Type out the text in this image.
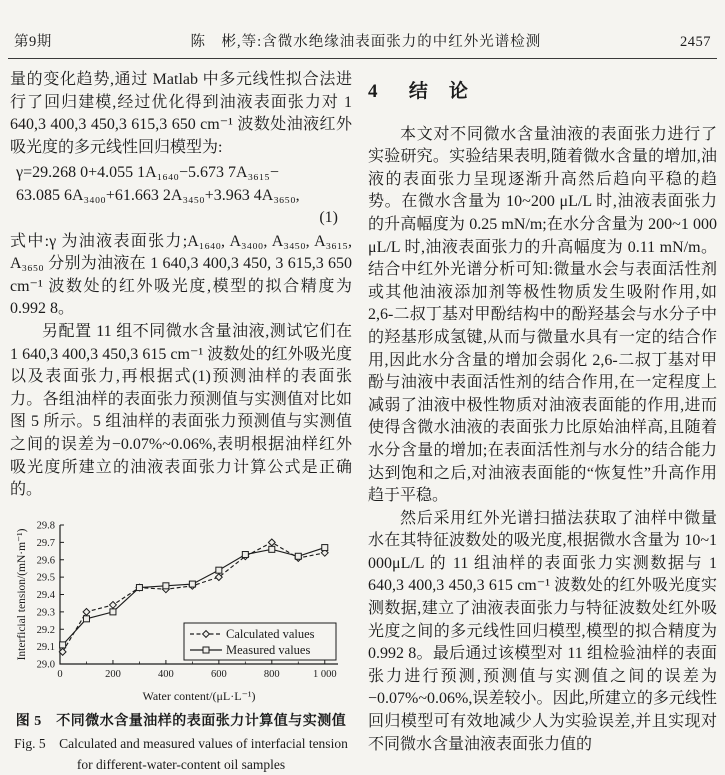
第9期	陈　彬,等:含微水绝缘油表面张力的中红外光谱检测	2457

量的变化趋势,通过 Matlab 中多元线性拟合法进行了回归建模,经过优化得到油液表面张力对 1 640,3 400,3 450,3 615,3 650 cm⁻¹ 波数处油液红外吸光度的多元线性回归模型为:

γ=29.268 0+4.055 1A₁₆₄₀−5.673 7A₃₆₁₅−
63.085 6A₃₄₀₀+61.663 2A₃₄₅₀+3.963 4A₃₆₅₀,
(1)

式中:γ 为油液表面张力;A₁₆₄₀, A₃₄₀₀, A₃₄₅₀, A₃₆₁₅, A₃₆₅₀ 分别为油液在 1 640,3 400,3 450, 3 615,3 650 cm⁻¹ 波数处的红外吸光度,模型的拟合精度为 0.992 8。

另配置 11 组不同微水含量油液,测试它们在 1 640,3 400,3 450,3 615 cm⁻¹ 波数处的红外吸光度以及表面张力,再根据式(1)预测油样的表面张力。各组油样的表面张力预测值与实测值对比如图 5 所示。5 组油样的表面张力预测值与实测值之间的误差为−0.07%~0.06%,表明根据油样红外吸光度所建立的油液表面张力计算公式是正确的。

29.0
29.1
29.2
29.3
29.4
29.5
29.6
29.7
29.8
0	200	400	600	800	1 000
Water content/(μL·L⁻¹)
Interficial tension/(mN·m⁻¹)	Calculated values
Measured values
图 5　不同微水含量油样的表面张力计算值与实测值
Fig. 5　Calculated and measured values of interfacial tension
for different-water-content oil samples
4 结　论

本文对不同微水含量油液的表面张力进行了实验研究。实验结果表明,随着微水含量的增加,油液的表面张力呈现逐渐升高然后趋向平稳的趋势。在微水含量为 10~200 μL/L 时,油液表面张力的升高幅度为 0.25 mN/m;在水分含量为 200~1 000 μL/L 时,油液表面张力的升高幅度为 0.11 mN/m。结合中红外光谱分析可知:微量水会与表面活性剂或其他油液添加剂等极性物质发生吸附作用,如 2,6-二叔丁基对甲酚结构中的酚羟基会与水分子中的羟基形成氢键,从而与微量水具有一定的结合作用,因此水分含量的增加会弱化 2,6-二叔丁基对甲酚与油液中表面活性剂的结合作用,在一定程度上减弱了油液中极性物质对油液表面能的作用,进而使得含微水油液的表面张力比原始油样高,且随着水分含量的增加;在表面活性剂与水分的结合能力达到饱和之后,对油液表面能的“恢复性”升高作用趋于平稳。

然后采用红外光谱扫描法获取了油样中微量水在其特征波数处的吸光度,根据微水含量为 10~1 000μL/L 的 11 组油样的表面张力实测数据与 1 640,3 400,3 450,3 615 cm⁻¹ 波数处的红外吸光度实测数据,建立了油液表面张力与特征波数处红外吸光度之间的多元线性回归模型,模型的拟合精度为 0.992 8。最后通过该模型对 11 组检验油样的表面张力进行预测,预测值与实测值之间的误差为−0.07%~0.06%,误差较小。因此,所建立的多元线性回归模型可有效地减少人为实验误差,并且实现对不同微水含量油液表面张力值的
